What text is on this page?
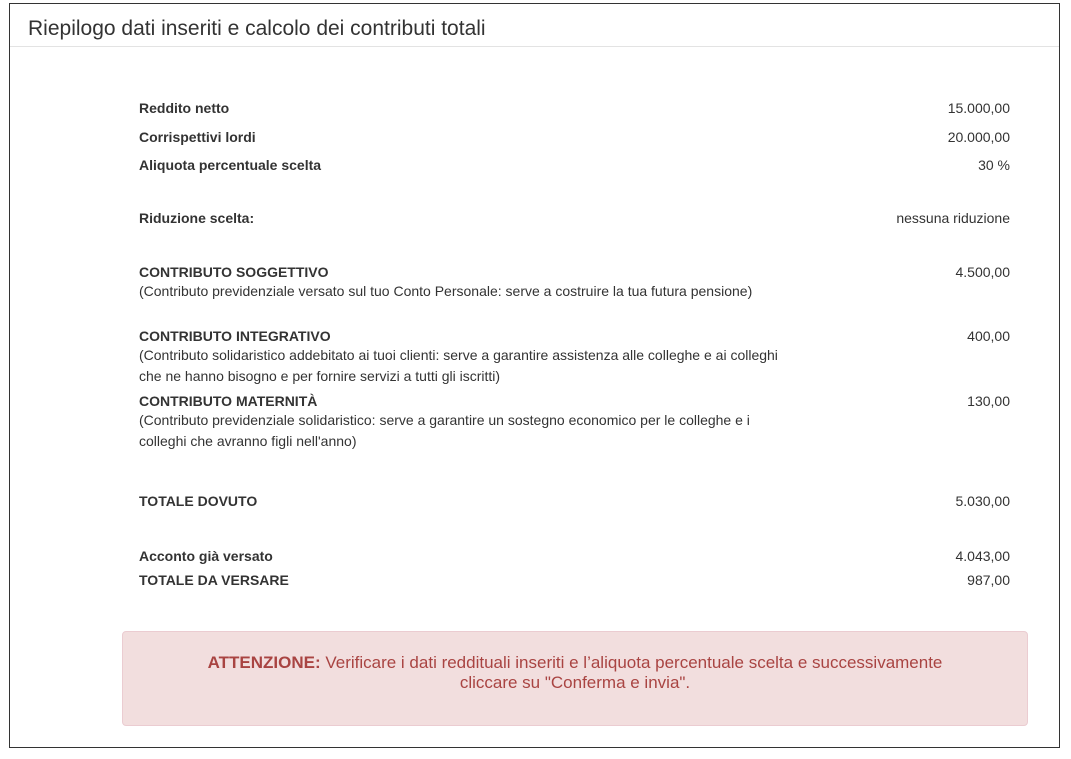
Riepilogo dati inseriti e calcolo dei contributi totali
Reddito netto	15.000,00
Corrispettivi lordi	20.000,00
Aliquota percentuale scelta	30 %
Riduzione scelta:	nessuna riduzione
CONTRIBUTO SOGGETTIVO	4.500,00
(Contributo previdenziale versato sul tuo Conto Personale: serve a costruire la tua futura pensione)
CONTRIBUTO INTEGRATIVO	400,00
(Contributo solidaristico addebitato ai tuoi clienti: serve a garantire assistenza alle colleghe e ai colleghi che ne hanno bisogno e per fornire servizi a tutti gli iscritti)
CONTRIBUTO MATERNITÀ	130,00
(Contributo previdenziale solidaristico: serve a garantire un sostegno economico per le colleghe e i colleghi che avranno figli nell'anno)
TOTALE DOVUTO	5.030,00
Acconto già versato	4.043,00
TOTALE DA VERSARE	987,00
ATTENZIONE: Verificare i dati reddituali inseriti e l’aliquota percentuale scelta e successivamente cliccare su "Conferma e invia".
